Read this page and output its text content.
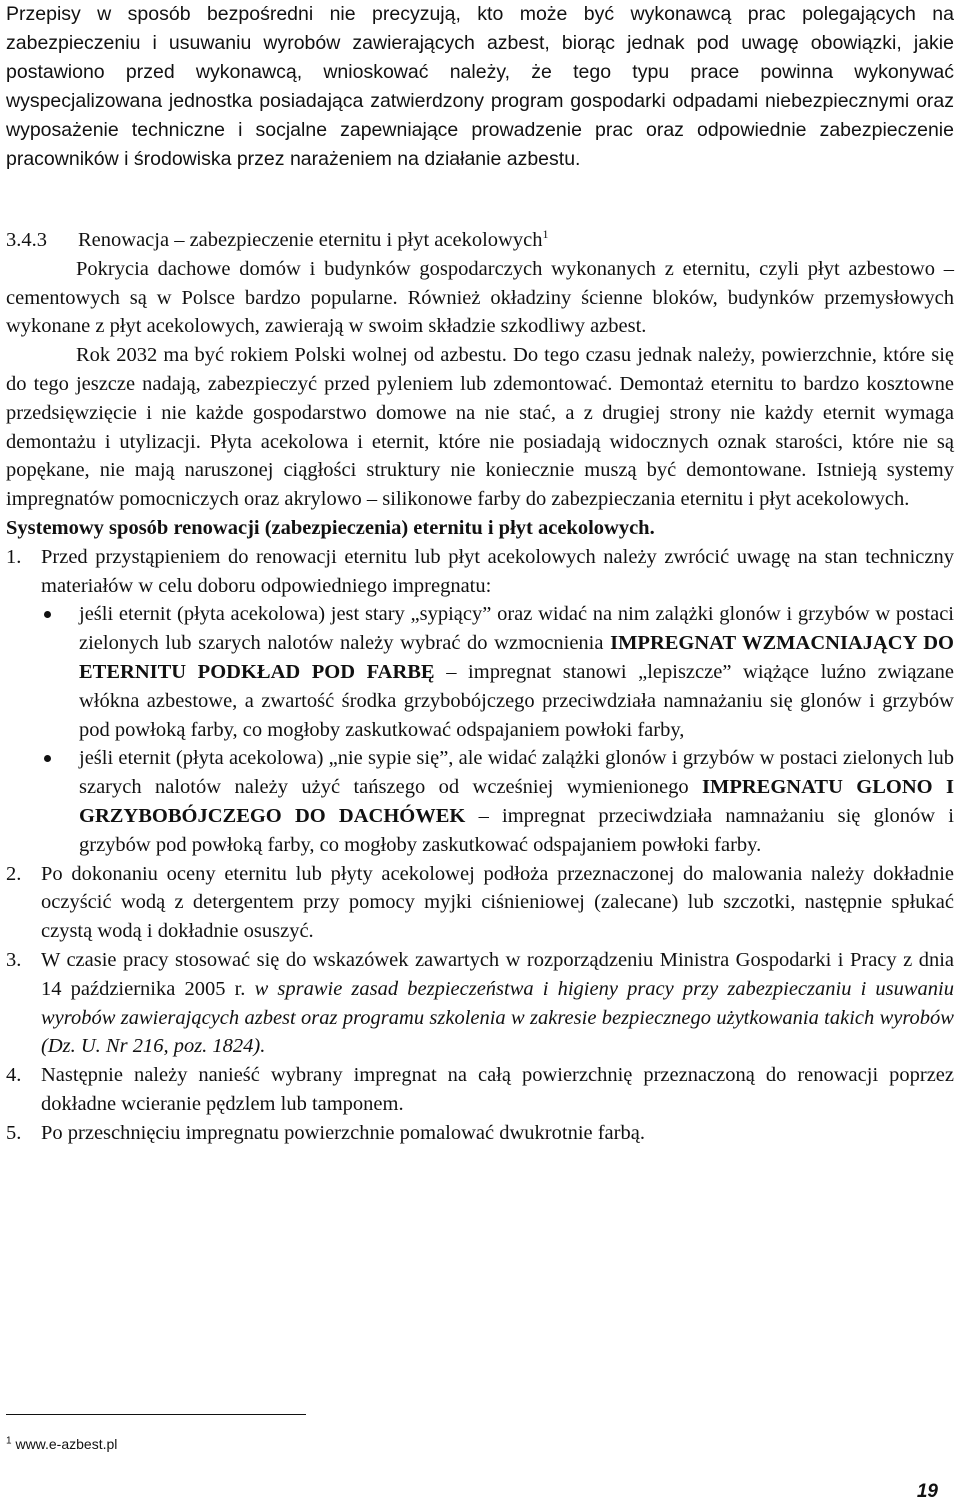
Przepisy w sposób bezpośredni nie precyzują, kto może być wykonawcą prac polegających na zabezpieczeniu i usuwaniu wyrobów zawierających azbest, biorąc jednak pod uwagę obowiązki, jakie postawiono przed wykonawcą, wnioskować należy, że tego typu prace powinna wykonywać wyspecjalizowana jednostka posiadająca zatwierdzony program gospodarki odpadami niebezpiecznymi oraz wyposażenie techniczne i socjalne zapewniające prowadzenie prac oraz odpowiednie zabezpieczenie pracowników i środowiska przez narażeniem na działanie azbestu.

3.4.3 Renowacja – zabezpieczenie eternitu i płyt acekolowych$^1$

Pokrycia dachowe domów i budynków gospodarczych wykonanych z eternitu, czyli płyt azbestowo – cementowych są w Polsce bardzo popularne. Również okładziny ścienne bloków, budynków przemysłowych wykonane z płyt acekolowych, zawierają w swoim składzie szkodliwy azbest.

Rok 2032 ma być rokiem Polski wolnej od azbestu. Do tego czasu jednak należy, powierzchnie, które się do tego jeszcze nadają, zabezpieczyć przed pyleniem lub zdemontować. Demontaż eternitu to bardzo kosztowne przedsięwzięcie i nie każde gospodarstwo domowe na nie stać, a z drugiej strony nie każdy eternit wymaga demontażu i utylizacji. Płyta acekolowa i eternit, które nie posiadają widocznych oznak starości, które nie są popękane, nie mają naruszonej ciągłości struktury nie koniecznie muszą być demontowane. Istnieją systemy impregnatów pomocniczych oraz akrylowo – silikonowe farby do zabezpieczania eternitu i płyt acekolowych.

Systemowy sposób renowacji (zabezpieczenia) eternitu i płyt acekolowych.

1. Przed przystąpieniem do renowacji eternitu lub płyt acekolowych należy zwrócić uwagę na stan techniczny materiałów w celu doboru odpowiedniego impregnatu:
jeśli eternit (płyta acekolowa) jest stary „sypiący” oraz widać na nim zalążki glonów i grzybów w postaci zielonych lub szarych nalotów należy wybrać do wzmocnienia IMPREGNAT WZMACNIAJĄCY DO ETERNITU PODKŁAD POD FARBĘ – impregnat stanowi „lepiszcze” wiążące luźno związane włókna azbestowe, a zwartość środka grzybobójczego przeciwdziała namnażaniu się glonów i grzybów pod powłoką farby, co mogłoby zaskutkować odspajaniem powłoki farby,
jeśli eternit (płyta acekolowa) „nie sypie się”, ale widać zalążki glonów i grzybów w postaci zielonych lub szarych nalotów należy użyć tańszego od wcześniej wymienionego IMPREGNATU GLONO I GRZYBOBÓJCZEGO DO DACHÓWEK – impregnat przeciwdziała namnażaniu się glonów i grzybów pod powłoką farby, co mogłoby zaskutkować odspajaniem powłoki farby.
2. Po dokonaniu oceny eternitu lub płyty acekolowej podłoża przeznaczonej do malowania należy dokładnie oczyścić wodą z detergentem przy pomocy myjki ciśnieniowej (zalecane) lub szczotki, następnie spłukać czystą wodą i dokładnie osuszyć.
3. W czasie pracy stosować się do wskazówek zawartych w rozporządzeniu Ministra Gospodarki i Pracy z dnia 14 października 2005 r. w sprawie zasad bezpieczeństwa i higieny pracy przy zabezpieczaniu i usuwaniu wyrobów zawierających azbest oraz programu szkolenia w zakresie bezpiecznego użytkowania takich wyrobów (Dz. U. Nr 216, poz. 1824).
4. Następnie należy nanieść wybrany impregnat na całą powierzchnię przeznaczoną do renowacji poprzez dokładne wcieranie pędzlem lub tamponem.
5. Po przeschnięciu impregnatu powierzchnie pomalować dwukrotnie farbą.

$^1$ www.e-azbest.pl

19
